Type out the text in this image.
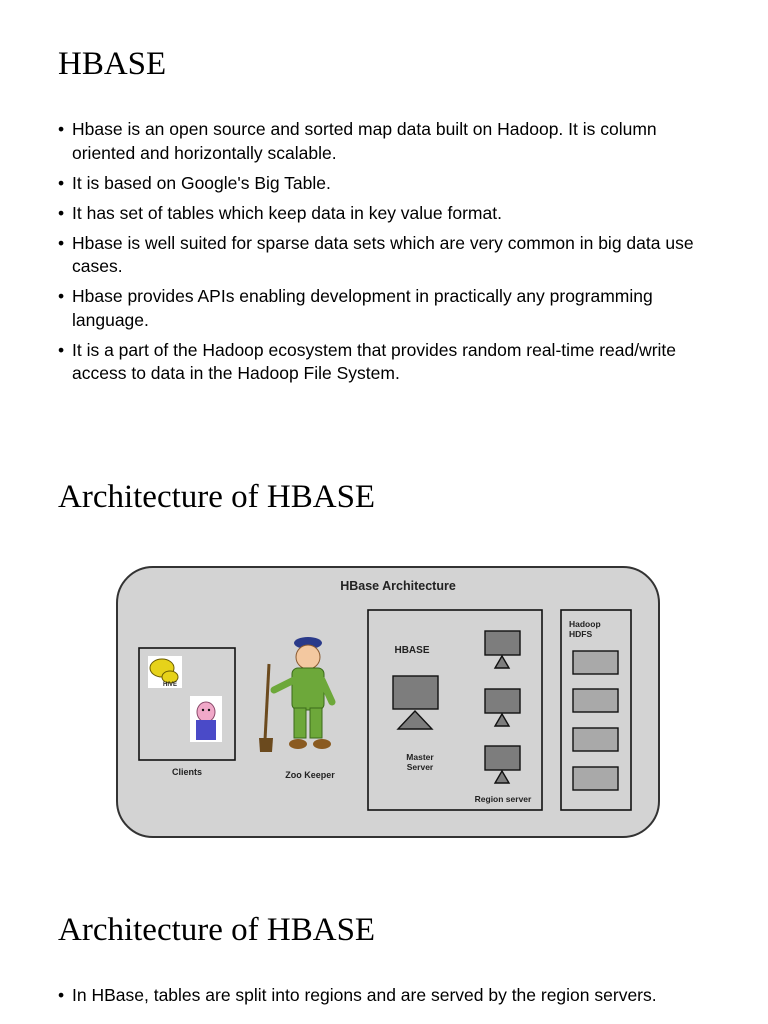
HBASE
• Hbase is an open source and sorted map data built on Hadoop. It is column oriented and horizontally scalable.
• It is based on Google's Big Table.
• It has set of tables which keep data in key value format.
• Hbase is well suited for sparse data sets which are very common in big data use cases.
• Hbase provides APIs enabling development in practically any programming language.
• It is a part of the Hadoop ecosystem that provides random real-time read/write access to data in the Hadoop File System.
Architecture of HBASE
HBase Architecture
HIVE
Clients	Zoo Keeper
HBASE
Master
Server
Region server
Hadoop
HDFS
Architecture of HBASE
• In HBase, tables are split into regions and are served by the region servers.
